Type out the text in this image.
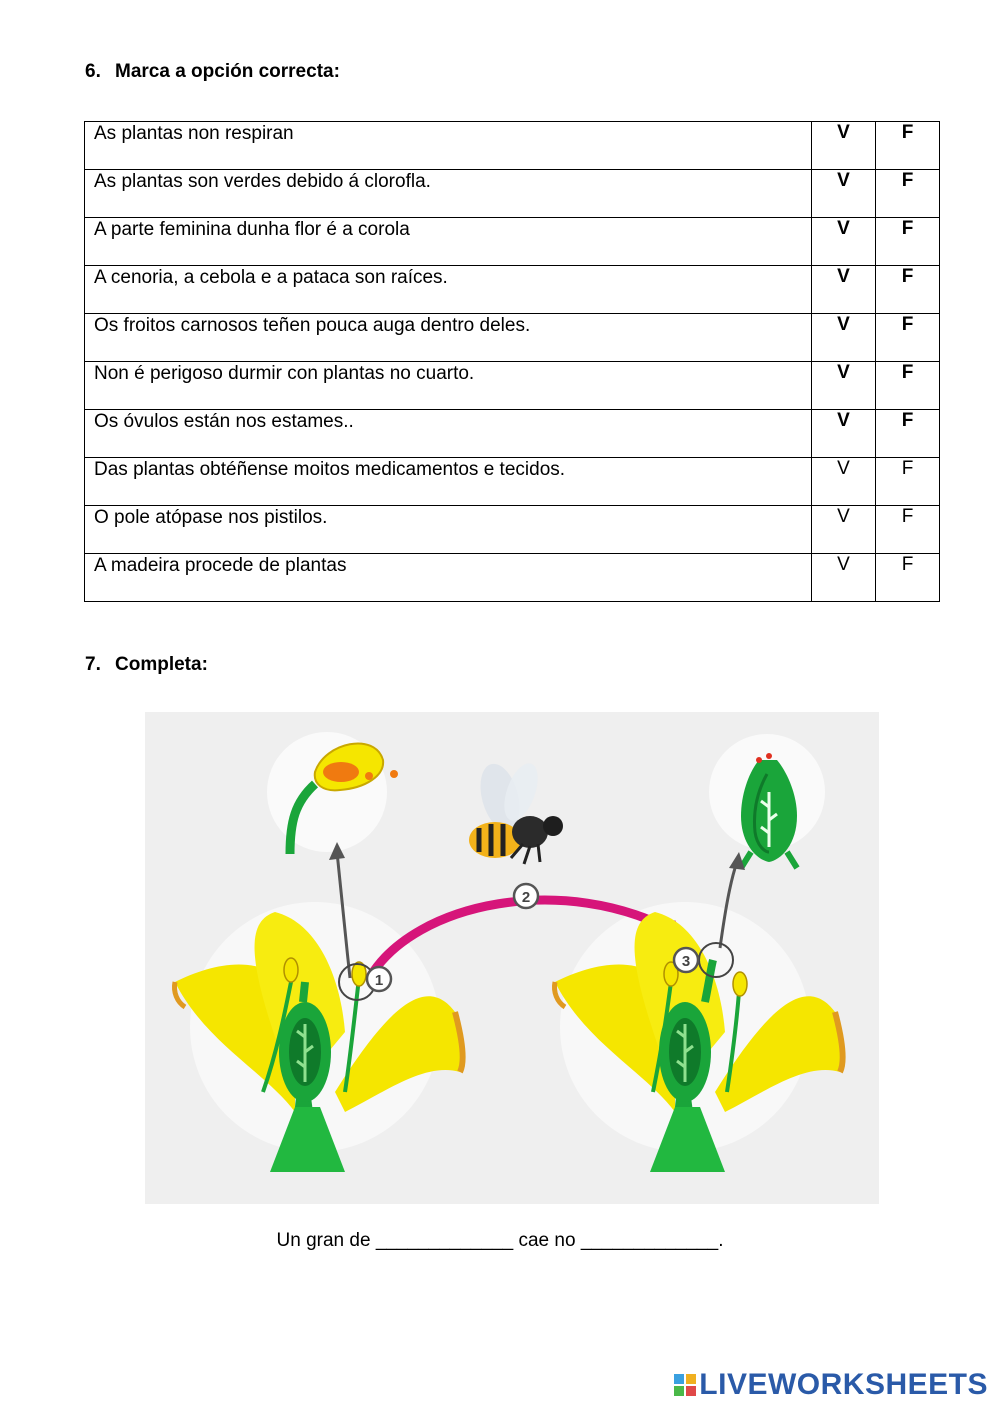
6. Marca a opción correcta:
As plantas non respiran	V	F
As plantas son verdes debido á clorofla.	V	F
A parte feminina dunha flor é a corola	V	F
A cenoria, a cebola e a pataca son raíces.	V	F
Os froitos carnosos teñen pouca auga dentro deles.	V	F
Non é perigoso durmir con plantas no cuarto.	V	F
Os óvulos están nos estames..	V	F
Das plantas obtéñense moitos medicamentos e tecidos.	V	F
O pole atópase nos pistilos.	V	F
A madeira procede de plantas	V	F
7. Completa:
1
2
3
Un gran de _____________ cae no _____________.
LIVEWORKSHEETS
